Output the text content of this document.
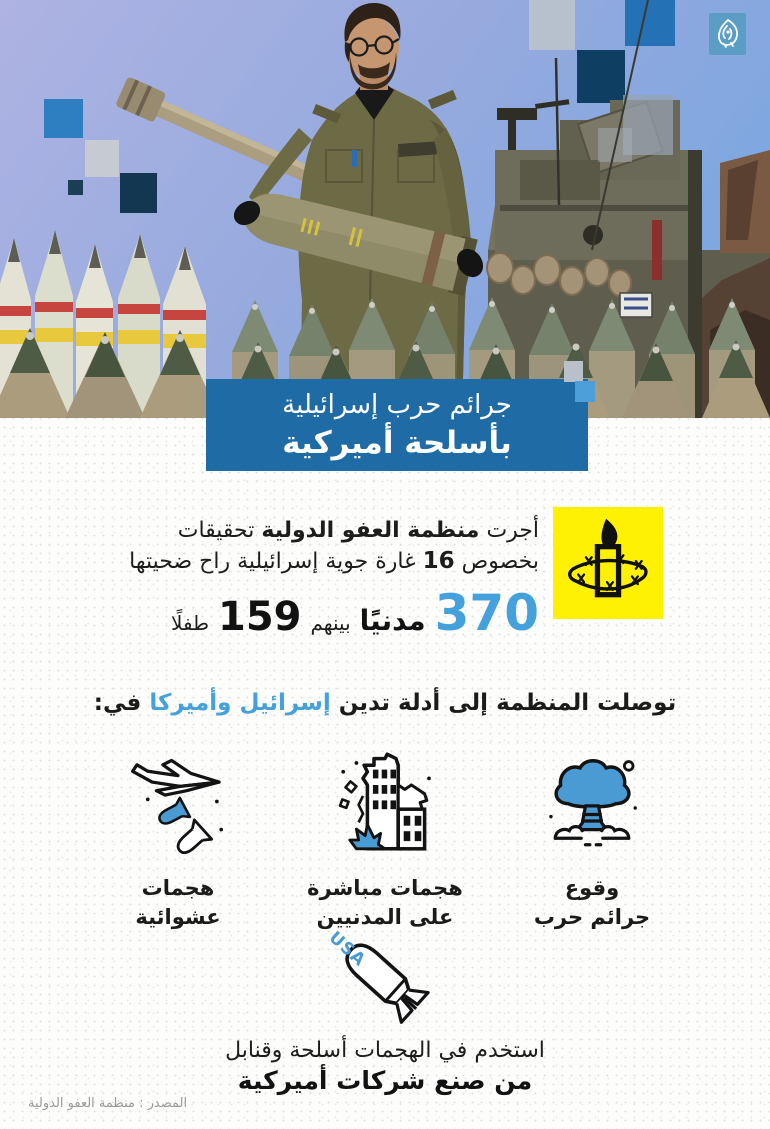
جرائم حرب إسرائيلية
بأسلحة أميركية
أجرت منظمة العفو الدولية تحقيقات
بخصوص 16 غارة جوية إسرائيلية راح ضحيتها
370
مدنيًا
بينهم
159
طفلًا
توصلت المنظمة إلى أدلة تدين إسرائيل وأميركا في:
وقوع
جرائم حرب
هجمات مباشرة
على المدنيين
هجمات
عشوائية
USA
استخدم في الهجمات أسلحة وقنابل
من صنع شركات أميركية
المصدر : منظمة العفو الدولية
